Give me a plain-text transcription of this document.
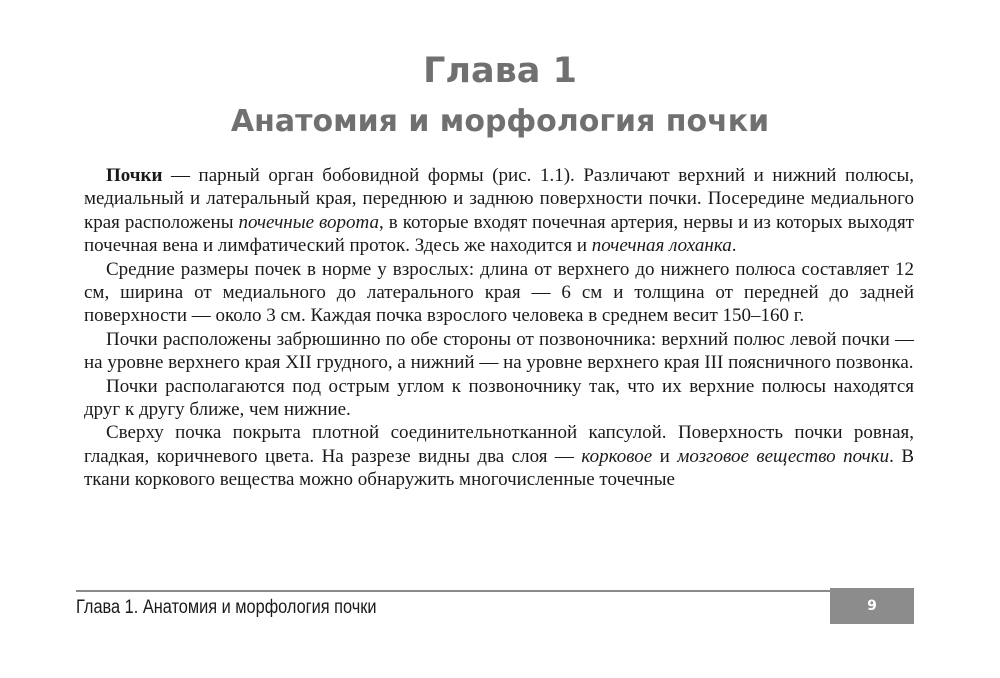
Глава 1
Анатомия и морфология почки

Почки — парный орган бобовидной формы (рис. 1.1). Различают верхний и нижний полюсы, медиальный и латеральный края, переднюю и заднюю поверхности почки. Посередине медиального края расположены почечные ворота, в которые входят почечная артерия, нервы и из которых выходят почечная вена и лимфатический проток. Здесь же находится и почечная лоханка.

Средние размеры почек в норме у взрослых: длина от верхнего до нижнего полюса составляет 12 см, ширина от медиального до латерального края — 6 см и толщина от передней до задней поверхности — около 3 см. Каждая почка взрослого человека в среднем весит 150–160 г.

Почки расположены забрюшинно по обе стороны от позвоночника: верхний полюс левой почки — на уровне верхнего края XII грудного, а нижний — на уровне верхнего края III поясничного позвонка.

Почки располагаются под острым углом к позвоночнику так, что их верхние полюсы находятся друг к другу ближе, чем нижние.

Сверху почка покрыта плотной соединительнотканной капсулой. Поверхность почки ровная, гладкая, коричневого цвета. На разрезе видны два слоя — корковое и мозговое вещество почки. В ткани коркового вещества можно обнаружить многочисленные точечные

Глава 1. Анатомия и морфология почки	9
